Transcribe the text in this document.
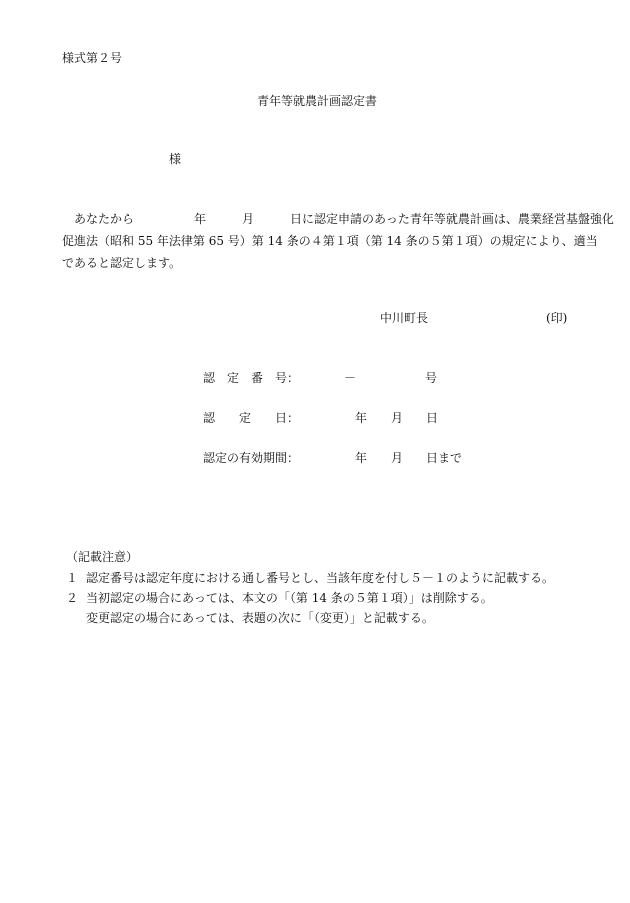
様式第２号
青年等就農計画認定書
様

あなたから　　　　　年　　　月　　　日に認定申請のあった青年等就農計画は、農業経営基盤強化

促進法（昭和 55 年法律第 65 号）第 14 条の４第１項（第 14 条の５第１項）の規定により、適当

であると認定します。

中川町長	(印)
認　定　番　号：	－	号
認　　定　　日：	年 月 日
認定の有効期間：	年 月 日まで
（記載注意）
１ 認定番号は認定年度における通し番号とし、当該年度を付し５－１のように記載する。
２ 当初認定の場合にあっては、本文の「（第 14 条の５第１項）」は削除する。
変更認定の場合にあっては、表題の次に「（変更）」と記載する。
